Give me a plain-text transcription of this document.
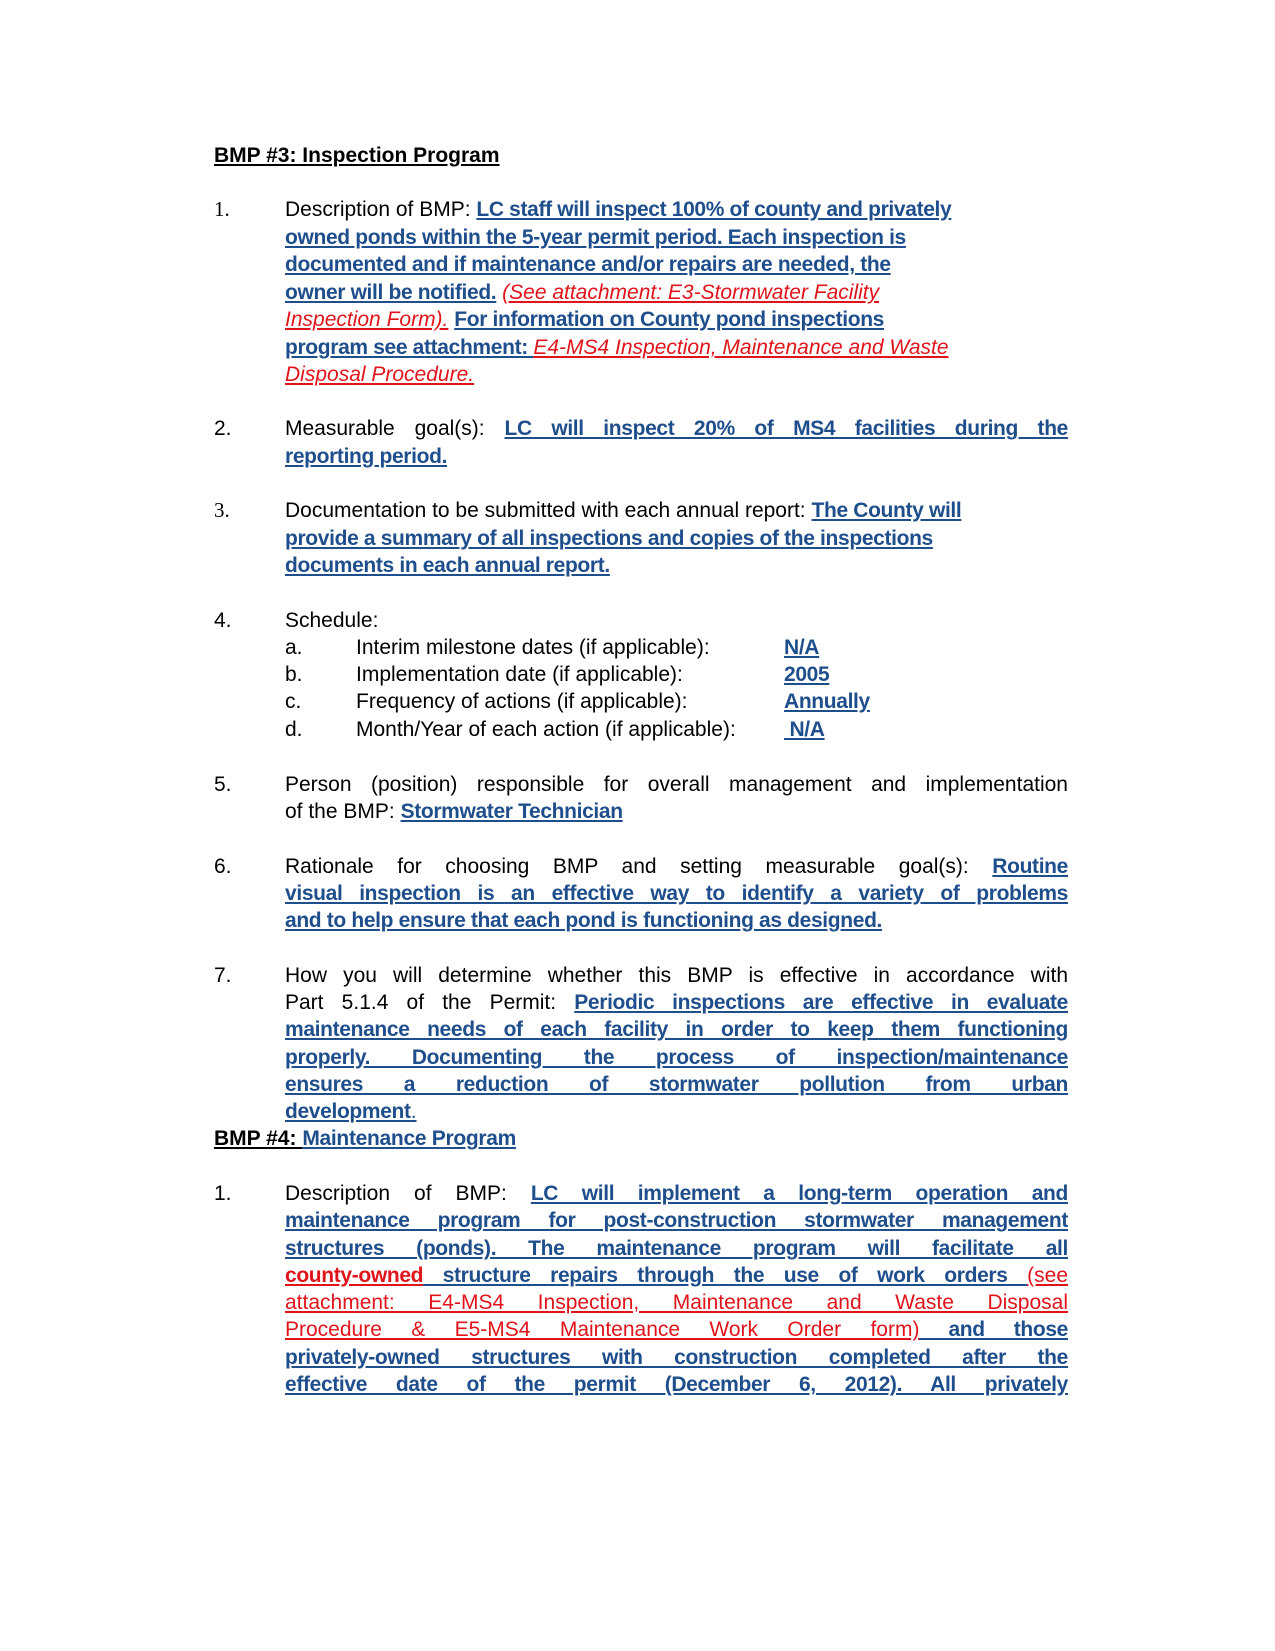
BMP #3: Inspection Program
1.	Description of BMP: LC staff will inspect 100% of county and privately
owned ponds within the 5-year permit period. Each inspection is
documented and if maintenance and/or repairs are needed, the
owner will be notified. (See attachment: E3-Stormwater Facility
Inspection Form). For information on County pond inspections
program see attachment: E4-MS4 Inspection, Maintenance and Waste
Disposal Procedure.
2.	Measurable goal(s): LC will inspect 20% of MS4 facilities during the
reporting period.
3.	Documentation to be submitted with each annual report: The County will
provide a summary of all inspections and copies of the inspections
documents in each annual report.
4.	Schedule:
5.	Person (position) responsible for overall management and implementation
of the BMP: Stormwater Technician
6.	Rationale for choosing BMP and setting measurable goal(s): Routine
visual inspection is an effective way to identify a variety of problems
and to help ensure that each pond is functioning as designed.
7.	How you will determine whether this BMP is effective in accordance with
Part 5.1.4 of the Permit: Periodic inspections are effective in evaluate
maintenance needs of each facility in order to keep them functioning
properly. Documenting the process of inspection/maintenance
ensures a reduction of stormwater pollution from urban
development.
BMP #4: Maintenance Program
1.	Description of BMP: LC will implement a long-term operation and
maintenance program for post-construction stormwater management
structures (ponds). The maintenance program will facilitate all
county-owned structure repairs through the use of work orders (see
attachment: E4-MS4 Inspection, Maintenance and Waste Disposal
Procedure & E5-MS4 Maintenance Work Order form) and those
privately-owned structures with construction completed after the
effective date of the permit (December 6, 2012). All privately
a.	Interim milestone dates (if applicable):	N/A
b.	Implementation date (if applicable):	2005
c.	Frequency of actions (if applicable):	Annually
d.	Month/Year of each action (if applicable): N/A
